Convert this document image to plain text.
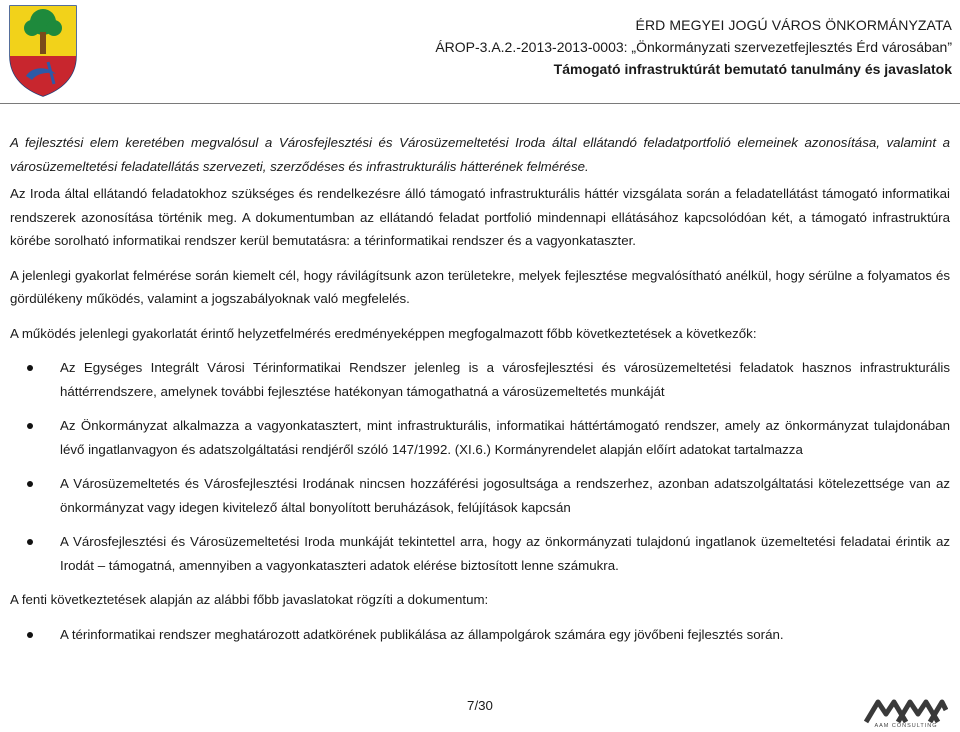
ÉRD MEGYEI JOGÚ VÁROS ÖNKORMÁNYZATA
ÁROP-3.A.2.-2013-2013-0003: „Önkormányzati szervezetfejlesztés Érd városában”
Támogató infrastruktúrát bemutató tanulmány és javaslatok

A fejlesztési elem keretében megvalósul a Városfejlesztési és Városüzemeltetési Iroda által ellátandó feladatportfolió elemeinek azonosítása, valamint a városüzemeltetési feladatellátás szervezeti, szerződéses és infrastrukturális hátterének felmérése.

Az Iroda által ellátandó feladatokhoz szükséges és rendelkezésre álló támogató infrastrukturális háttér vizsgálata során a feladatellátást támogató informatikai rendszerek azonosítása történik meg. A dokumentumban az ellátandó feladat portfolió mindennapi ellátásához kapcsolódóan két, a támogató infrastruktúra körébe sorolható informatikai rendszer kerül bemutatásra: a térinformatikai rendszer és a vagyonkataszter.

A jelenlegi gyakorlat felmérése során kiemelt cél, hogy rávilágítsunk azon területekre, melyek fejlesztése megvalósítható anélkül, hogy sérülne a folyamatos és gördülékeny működés, valamint a jogszabályoknak való megfelelés.

A működés jelenlegi gyakorlatát érintő helyzetfelmérés eredményeképpen megfogalmazott főbb következtetések a következők:

Az Egységes Integrált Városi Térinformatikai Rendszer jelenleg is a városfejlesztési és városüzemeltetési feladatok hasznos infrastrukturális háttérrendszere, amelynek további fejlesztése hatékonyan támogathatná a városüzemeltetés munkáját
Az Önkormányzat alkalmazza a vagyonkatasztert, mint infrastrukturális, informatikai háttértámogató rendszer, amely az önkormányzat tulajdonában lévő ingatlanvagyon és adatszolgáltatási rendjéről szóló 147/1992. (XI.6.) Kormányrendelet alapján előírt adatokat tartalmazza
A Városüzemeltetés és Városfejlesztési Irodának nincsen hozzáférési jogosultsága a rendszerhez, azonban adatszolgáltatási kötelezettsége van az önkormányzat vagy idegen kivitelező által bonyolított beruházások, felújítások kapcsán
A Városfejlesztési és Városüzemeltetési Iroda munkáját tekintettel arra, hogy az önkormányzati tulajdonú ingatlanok üzemeltetési feladatai érintik az Irodát – támogatná, amennyiben a vagyonkataszteri adatok elérése biztosított lenne számukra.

A fenti következtetések alapján az alábbi főbb javaslatokat rögzíti a dokumentum:

A térinformatikai rendszer meghatározott adatkörének publikálása az állampolgárok számára egy jövőbeni fejlesztés során.
7/30
AAM CONSULTING
